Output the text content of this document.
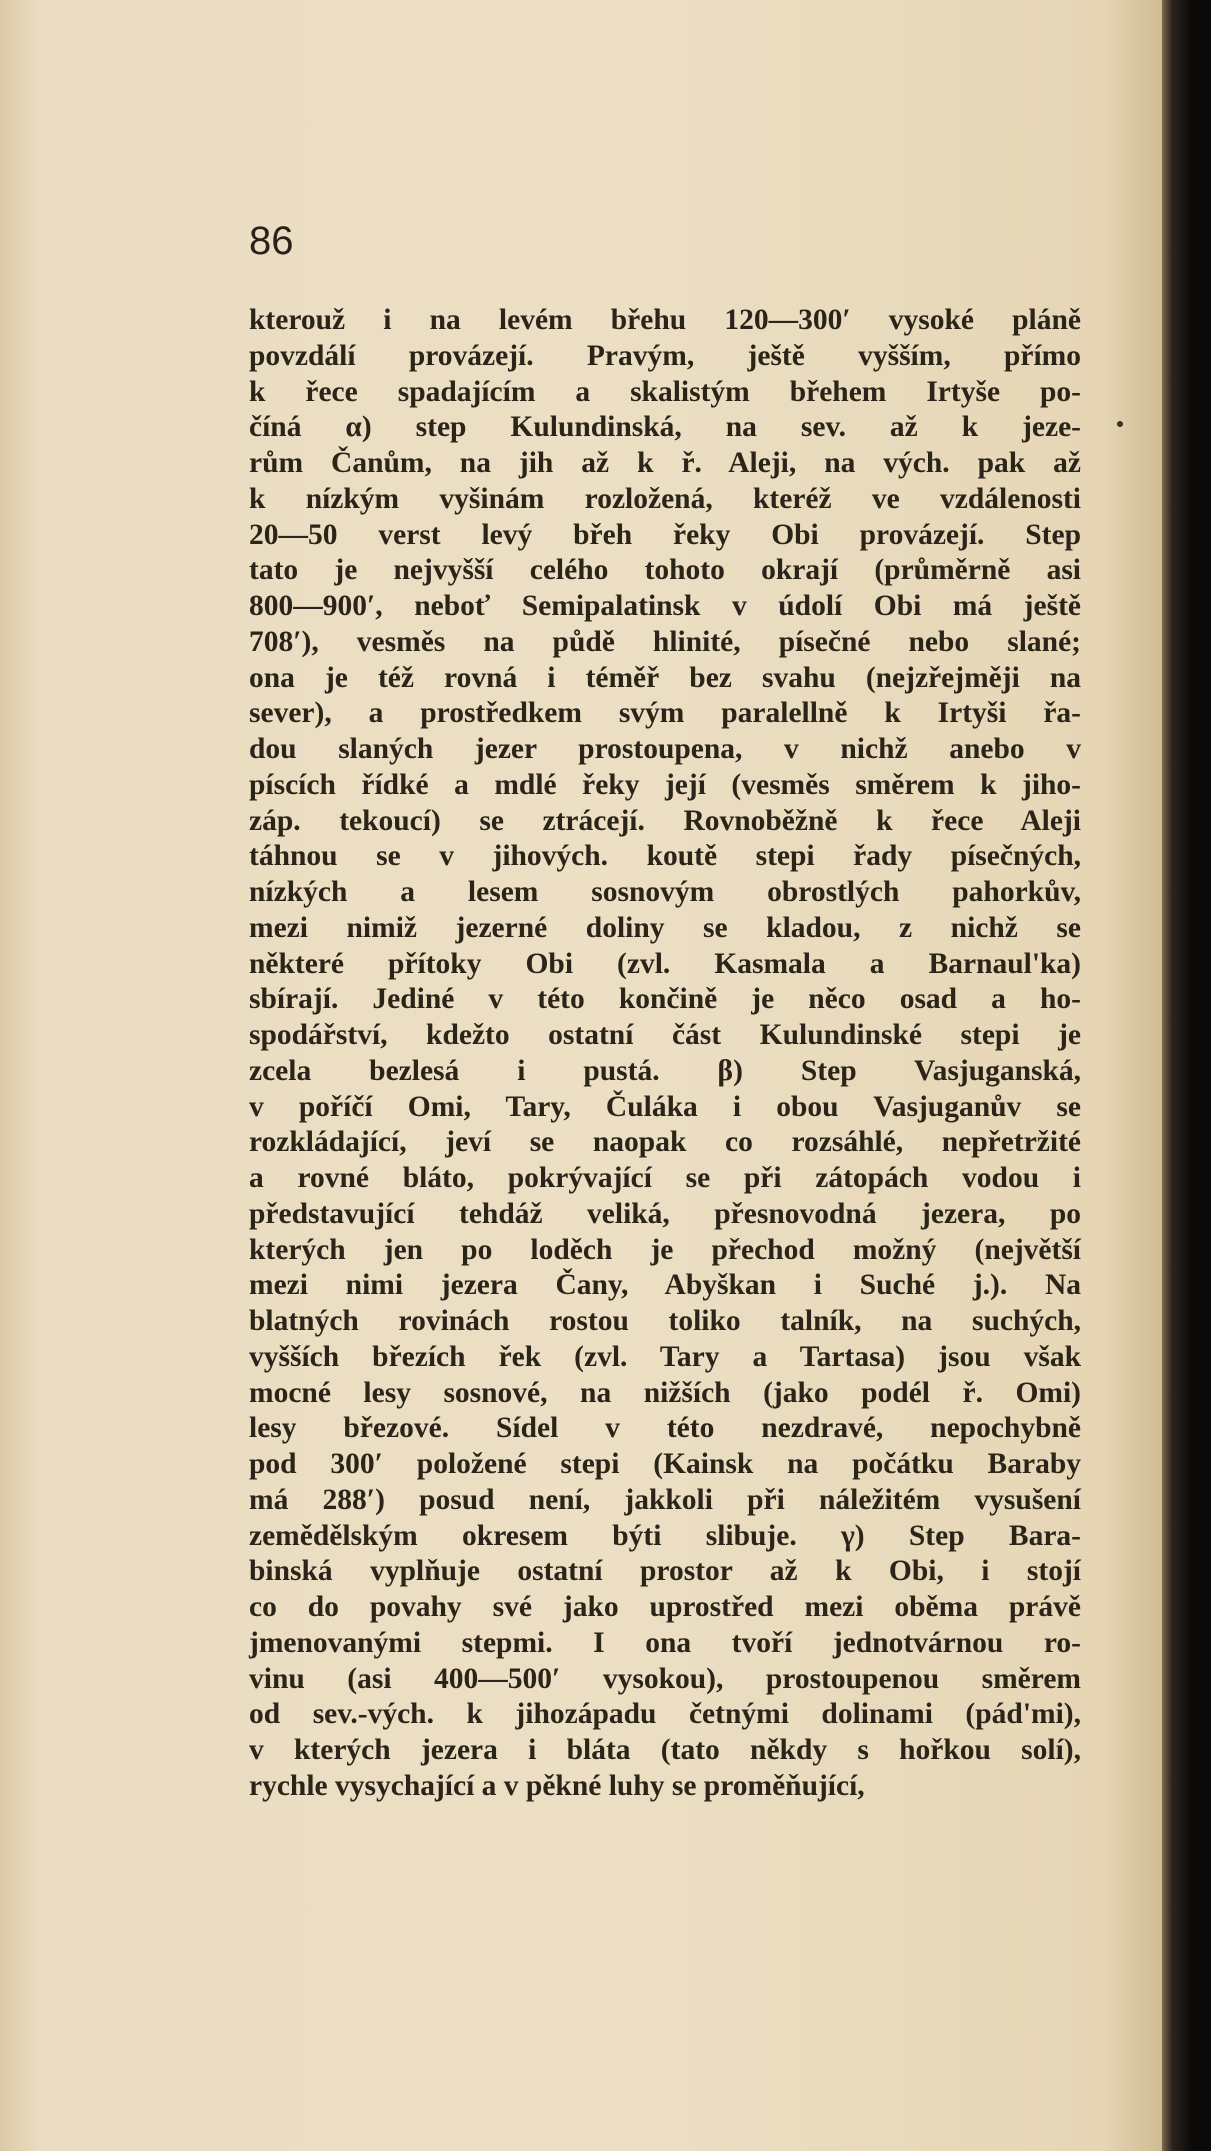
86

kterouž i na levém břehu 120—300ʹ vysoké pláně
povzdálí provázejí. Pravým, ještě vyšším, přímo
k řece spadajícím a skalistým břehem Irtyše po-
číná α) step Kulundinská, na sev. až k jeze-
rům Čanům, na jih až k ř. Aleji, na vých. pak až
k nízkým vyšinám rozložená, kteréž ve vzdálenosti
20—50 verst levý břeh řeky Obi provázejí. Step
tato je nejvyšší celého tohoto okrají (průměrně asi
800—900ʹ, neboť Semipalatinsk v údolí Obi má ještě
708ʹ), vesměs na půdě hlinité, písečné nebo slané;
ona je též rovná i téměř bez svahu (nejzřejměji na
sever), a prostředkem svým paralellně k Irtyši řa-
dou slaných jezer prostoupena, v nichž anebo v
píscích řídké a mdlé řeky její (vesměs směrem k jiho-
záp. tekoucí) se ztrácejí. Rovnoběžně k řece Aleji
táhnou se v jihových. koutě stepi řady písečných,
nízkých a lesem sosnovým obrostlých pahorkův,
mezi nimiž jezerné doliny se kladou, z nichž se
některé přítoky Obi (zvl. Kasmala a Barnaul'ka)
sbírají. Jediné v této končině je něco osad a ho-
spodářství, kdežto ostatní část Kulundinské stepi je
zcela bezlesá i pustá. β) Step Vasjuganská,
v poříčí Omi, Tary, Čuláka i obou Vasjuganův se
rozkládající, jeví se naopak co rozsáhlé, nepřetržité
a rovné bláto, pokrývající se při zátopách vodou i
představující tehdáž veliká, přesnovodná jezera, po
kterých jen po loděch je přechod možný (největší
mezi nimi jezera Čany, Abyškan i Suché j.). Na
blatných rovinách rostou toliko talník, na suchých,
vyšších březích řek (zvl. Tary a Tartasa) jsou však
mocné lesy sosnové, na nižších (jako podél ř. Omi)
lesy březové. Sídel v této nezdravé, nepochybně
pod 300ʹ položené stepi (Kainsk na počátku Baraby
má 288ʹ) posud není, jakkoli při náležitém vysušení
zemědělským okresem býti slibuje. γ) Step Bara-
binská vyplňuje ostatní prostor až k Obi, i stojí
co do povahy své jako uprostřed mezi oběma právě
jmenovanými stepmi. I ona tvoří jednotvárnou ro-
vinu (asi 400—500ʹ vysokou), prostoupenou směrem
od sev.-vých. k jihozápadu četnými dolinami (pád'mi),
v kterých jezera i bláta (tato někdy s hořkou solí),
rychle vysychající a v pěkné luhy se proměňující,
